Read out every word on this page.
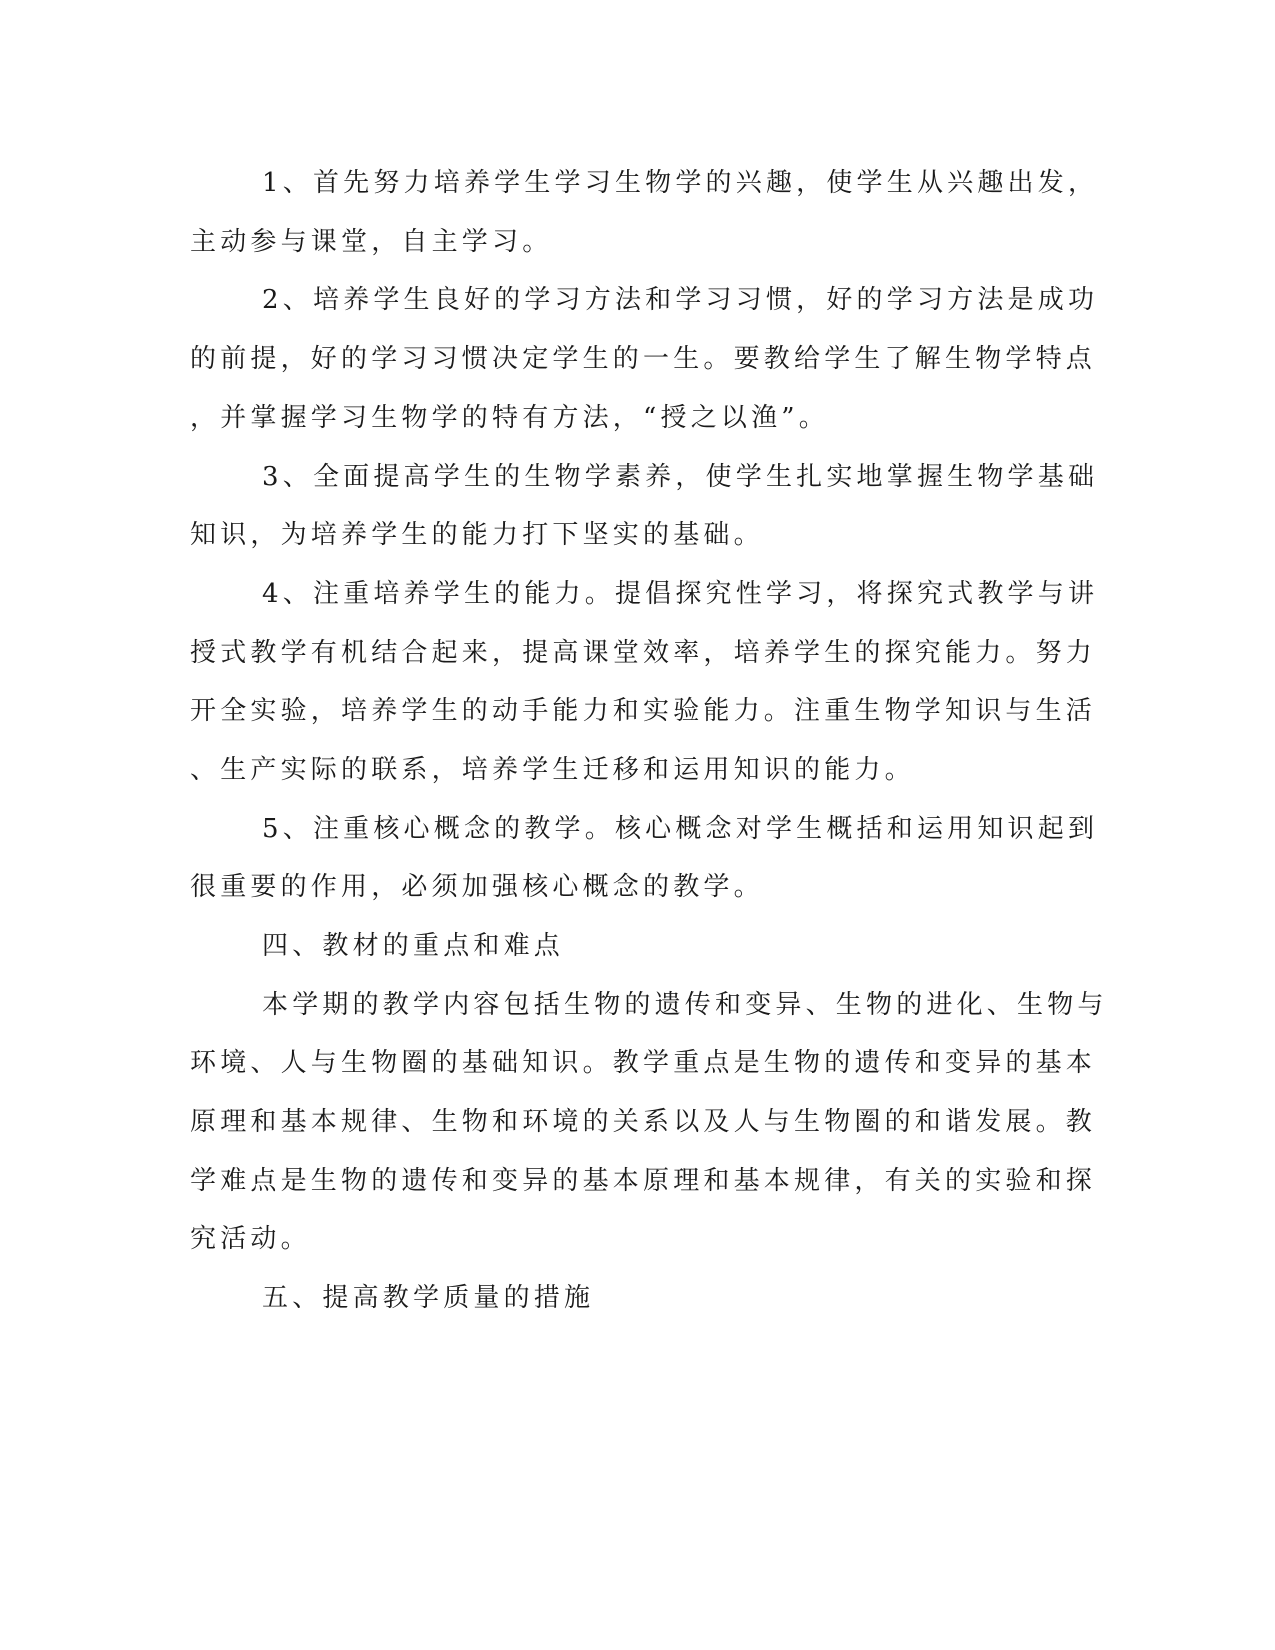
1、首先努力培养学生学习生物学的兴趣，使学生从兴趣出发，
主动参与课堂，自主学习。
2、培养学生良好的学习方法和学习习惯，好的学习方法是成功
的前提，好的学习习惯决定学生的一生。要教给学生了解生物学特点
，并掌握学习生物学的特有方法，“授之以渔”。
3、全面提高学生的生物学素养，使学生扎实地掌握生物学基础
知识，为培养学生的能力打下坚实的基础。
4、注重培养学生的能力。提倡探究性学习，将探究式教学与讲
授式教学有机结合起来，提高课堂效率，培养学生的探究能力。努力
开全实验，培养学生的动手能力和实验能力。注重生物学知识与生活
、生产实际的联系，培养学生迁移和运用知识的能力。
5、注重核心概念的教学。核心概念对学生概括和运用知识起到
很重要的作用，必须加强核心概念的教学。
四、教材的重点和难点
本学期的教学内容包括生物的遗传和变异、生物的进化、生物与
环境、人与生物圈的基础知识。教学重点是生物的遗传和变异的基本
原理和基本规律、生物和环境的关系以及人与生物圈的和谐发展。教
学难点是生物的遗传和变异的基本原理和基本规律，有关的实验和探
究活动。
五、提高教学质量的措施
